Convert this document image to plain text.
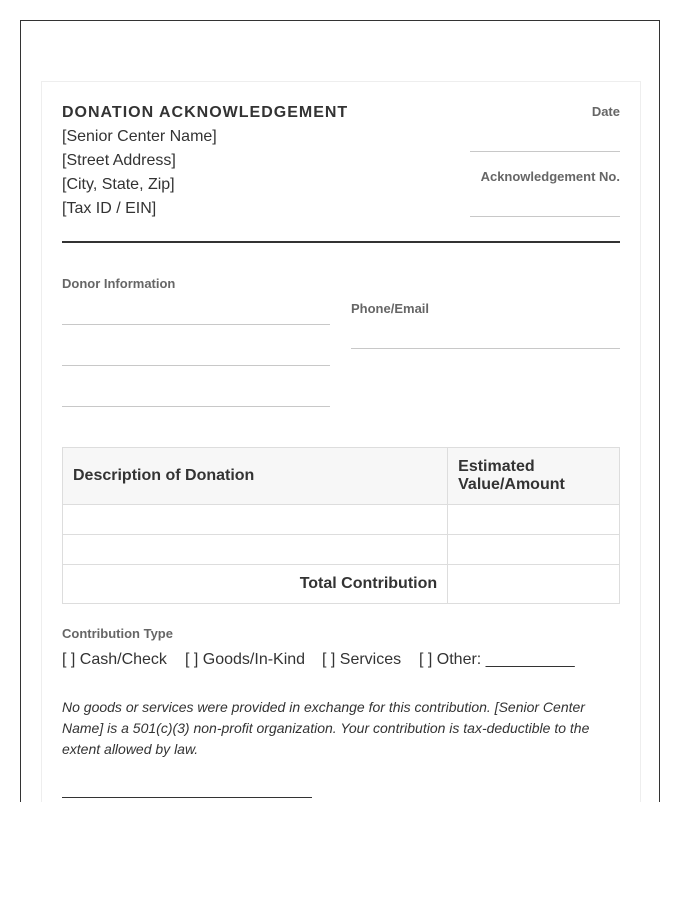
DONATION ACKNOWLEDGEMENT
[Senior Center Name]
[Street Address]
[City, State, Zip]
[Tax ID / EIN]
Date
Acknowledgement No.
Donor Information
Phone/Email
Description of Donation	Estimated Value/Amount

Total Contribution	
Contribution Type
[ ] Cash/Check [ ] Goods/In-Kind [ ] Services [ ] Other: __________
No goods or services were provided in exchange for this contribution. [Senior Center Name] is a 501(c)(3) non-profit organization. Your contribution is tax-deductible to the extent allowed by law.
